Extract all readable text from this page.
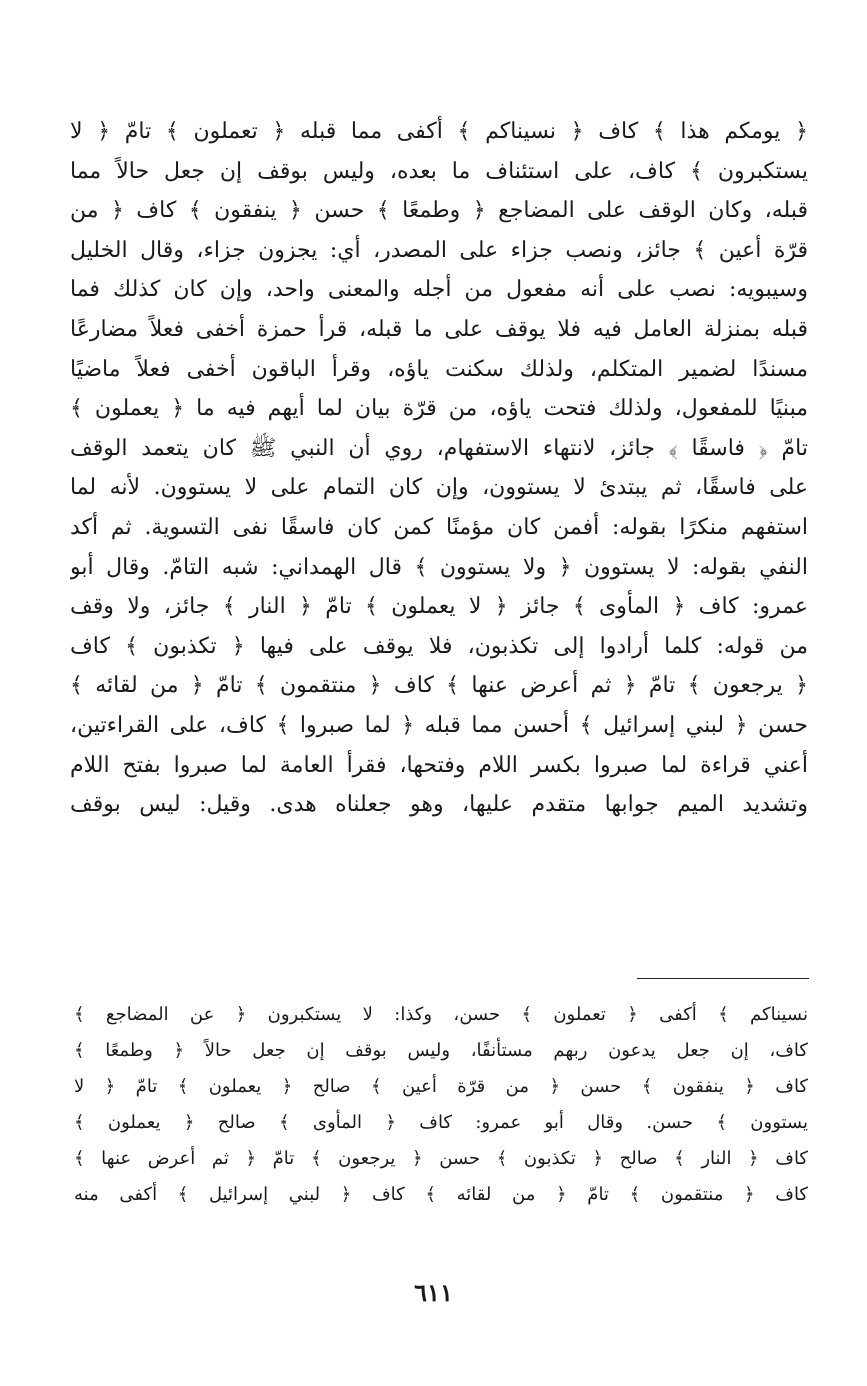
﴿ يومكم هذا ﴾ كاف ﴿ نسيناكم ﴾ أكفى مما قبله ﴿ تعملون ﴾ تامّ ﴿ لا
يستكبرون ﴾ كاف، على استئناف ما بعده، وليس بوقف إن جعل حالاً مما
قبله، وكان الوقف على المضاجع ﴿ وطمعًا ﴾ حسن ﴿ ينفقون ﴾ كاف ﴿ من
قرّة أعين ﴾ جائز، ونصب جزاء على المصدر، أي: يجزون جزاء، وقال الخليل
وسيبويه: نصب على أنه مفعول من أجله والمعنى واحد، وإن كان كذلك فما
قبله بمنزلة العامل فيه فلا يوقف على ما قبله، قرأ حمزة أخفى فعلاً مضارعًا
مسندًا لضمير المتكلم، ولذلك سكنت ياؤه، وقرأ الباقون أخفى فعلاً ماضيًا
مبنيًا للمفعول، ولذلك فتحت ياؤه، من قرّة بيان لما أيهم فيه ما ﴿ يعملون ﴾
تامّ ﴿ فاسقًا ﴾ جائز، لانتهاء الاستفهام، روي أن النبي ﷺ كان يتعمد الوقف
على فاسقًا، ثم يبتدئ لا يستوون، وإن كان التمام على لا يستوون. لأنه لما
استفهم منكرًا بقوله: أفمن كان مؤمنًا كمن كان فاسقًا نفى التسوية. ثم أكد
النفي بقوله: لا يستوون ﴿ ولا يستوون ﴾ قال الهمداني: شبه التامّ. وقال أبو
عمرو: كاف ﴿ المأوى ﴾ جائز ﴿ لا يعملون ﴾ تامّ ﴿ النار ﴾ جائز، ولا وقف
من قوله: كلما أرادوا إلى تكذبون، فلا يوقف على فيها ﴿ تكذبون ﴾ كاف
﴿ يرجعون ﴾ تامّ ﴿ ثم أعرض عنها ﴾ كاف ﴿ منتقمون ﴾ تامّ ﴿ من لقائه ﴾
حسن ﴿ لبني إسرائيل ﴾ أحسن مما قبله ﴿ لما صبروا ﴾ كاف، على القراءتين،
أعني قراءة لما صبروا بكسر اللام وفتحها، فقرأ العامة لما صبروا بفتح اللام
وتشديد الميم جوابها متقدم عليها، وهو جعلناه هدى. وقيل: ليس بوقف
نسيناكم ﴾ أكفى ﴿ تعملون ﴾ حسن، وكذا: لا يستكبرون ﴿ عن المضاجع ﴾
كاف، إن جعل يدعون ربهم مستأنفًا، وليس بوقف إن جعل حالاً ﴿ وطمعًا ﴾
كاف ﴿ ينفقون ﴾ حسن ﴿ من قرّة أعين ﴾ صالح ﴿ يعملون ﴾ تامّ ﴿ لا
يستوون ﴾ حسن. وقال أبو عمرو: كاف ﴿ المأوى ﴾ صالح ﴿ يعملون ﴾
كاف ﴿ النار ﴾ صالح ﴿ تكذبون ﴾ حسن ﴿ يرجعون ﴾ تامّ ﴿ ثم أعرض عنها ﴾
كاف ﴿ منتقمون ﴾ تامّ ﴿ من لقائه ﴾ كاف ﴿ لبني إسرائيل ﴾ أكفى منه
٦١١
